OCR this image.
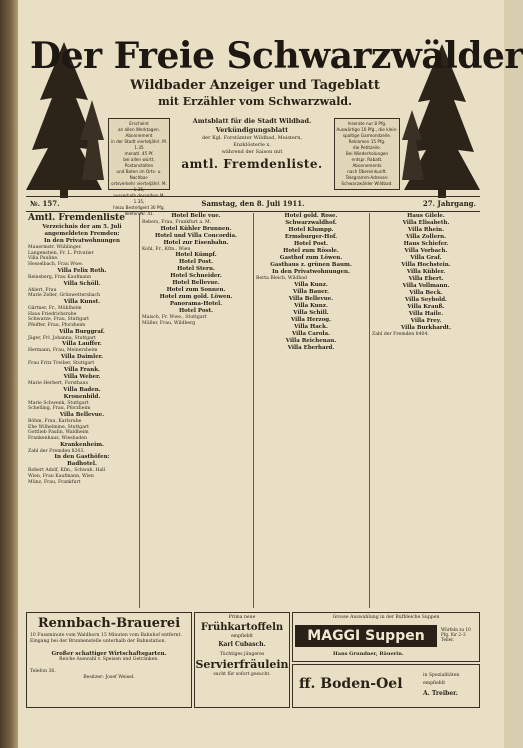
Der Freie Schwarzwälder
Wildbader Anzeiger und Tageblatt
mit Erzähler vom Schwarzwald.
Erscheint
an allen Werktagen.
Abonnement
in der Stadt vierteljährl. M. 1.35
monatl. 45 Pf.
bei allen württ. Postanstalten
und Boten im Orts- u. Nachbar-
ortsverkehr vierteljährl. M. 1.35,
ausserhalb desselben M. 1.35,
hiezu Bestellgeld 30 Pfg.
Telefon Nr. 41.
Amtsblatt für die Stadt Wildbad.
Verkündigungsblatt
der Kgl. Forstämter Wildbad, Meistern,
Enzklösterle x.
während der Saison mit
amtl. Fremdenliste.
Inserate nur 8 Pfg.
Auswärtige 10 Pfg., die klein-
spaltige Garmondzeile.
Reklamen 15 Pfg.
die Petitzeile.
Bei Wiederholungen
entspr. Rabatt.
Abonnements
nach Übereinkunft.
Telegramm-Adresse:
Schwarzwälder Wildbad.
№. 157.	Samstag, den 8. Juli 1911.	27. Jahrgang.
Amtl. Fremdenliste
Verzeichnis der am 5. Juli
angemeldeten Fremden:
In den Privatwohnungen
Mauermstr. Wühlinger.
Langenstein, Fr. L. Privatier
Villa Pauline.
Hesselbach, Frau Wwe.
Villa Felix Roth.
Reinsberg, Frau Kaufmann
Villa Schöll.
Ahlert, Frau
Marie Zeller, Grünwettersbach
Villa Kunst.
Gärtner, Fr., Mühlheim
Haus Friedrichsruhe
Schwarze, Frau, Stuttgart
Pfeiffer, Frau, Pforzheim
Villa Burggraf.
Jäger, Frl. Johanna, Stuttgart
Villa Lauffer.
Hermann, Frau, Meinersheim
Villa Daimler.
Frau Fritz Treiber, Stuttgart
Villa Frank.
Villa Weber.
Marie Herbert, Forsthaus
Villa Baden.
Kronenbild.
Marie Schwenk, Stuttgart
Schelling, Frau, Pforzheim
Villa Bellevue.
Böhm, Frau, Karlsruhe
Ehe Wilhelmine, Stuttgart
Gottlieb Paulin, Waldheim
Frankenhaus, Wiesbaden
Krankenheim.
Zahl der Fremden 8203.
In den Gasthöfen:
Badhotel.
Robert Adolf, Kfm., Schwab. Hall
Wien, Frau Kaufmann, Wien
Münz, Frau, Frankfurt
Hotel Belle vue.
Rebers, Frau, Frankfurt a. M.
Hotel Kühler Brunnen.
Hotel und Villa Concordia.
Hotel zur Eisenbahn.
Kohl, Fr., Kfm., Wien
Hotel Kümpf.
Hotel Post.
Hotel Stern.
Hotel Schneider.
Hotel Bellevue.
Hotel zum Sonnen.
Hotel zum gold. Löwen.
Panorama-Hotel.
Hotel Post.
Maisch, Fr. Wwe., Stuttgart
Müller, Frau, Wildberg
Hotel gold. Rose.
Schwarzwaldhof.
Hotel Klumpp.
Ermsburger-Hof.
Hotel Post.
Hotel zum Rössle.
Gasthof zum Löwen.
Gasthaus z. grünen Baum.
In den Privatwohnungen.
Berta Bleich, Wildbad
Villa Kunz.
Villa Bauer.
Villa Bellevue.
Villa Kunz.
Villa Schill.
Villa Herzog.
Villa Hack.
Villa Carola.
Villa Reichenau.
Villa Eberhard.
Haus Gilele.
Villa Elisabeth.
Villa Rhein.
Villa Zollern.
Haus Schiefer.
Villa Vorbach.
Villa Graf.
Villa Hochstein.
Villa Kübler.
Villa Ebert.
Villa Vollmann.
Villa Beck.
Villa Seybold.
Villa Krauß.
Villa Haile.
Villa Frey.
Villa Burkhardt.
Zahl der Fremden 8404.
Rennbach-Brauerei
10 Fussminute vom Waldhorn 15 Minuten vom Bahnhof entfernt.
Eingang bei der Brunnenstelle unterhalb der Bahnstation.
Großer schattiger Wirtschaftsgarten.
Reiche Auswahl v. Speisen und Getränken.
Telefon 36.
Besitzer: Josef Weisel.
Prima neue
Frühkartoffeln
empfiehlt
Karl Cubasch.
Tüchtiges jüngeres
Servierfräulein
sucht für sofort gesucht.
Grosse Auswahlung in der Rufbleiche Suppen
MAGGI Suppen	Würfeln zu 10 Pfg. für 2–3 Teller.
Hans Grundner, Bäuerin.
ff. Boden-Oel
in Spezialitäten
empfiehlt
A. Treiber.
